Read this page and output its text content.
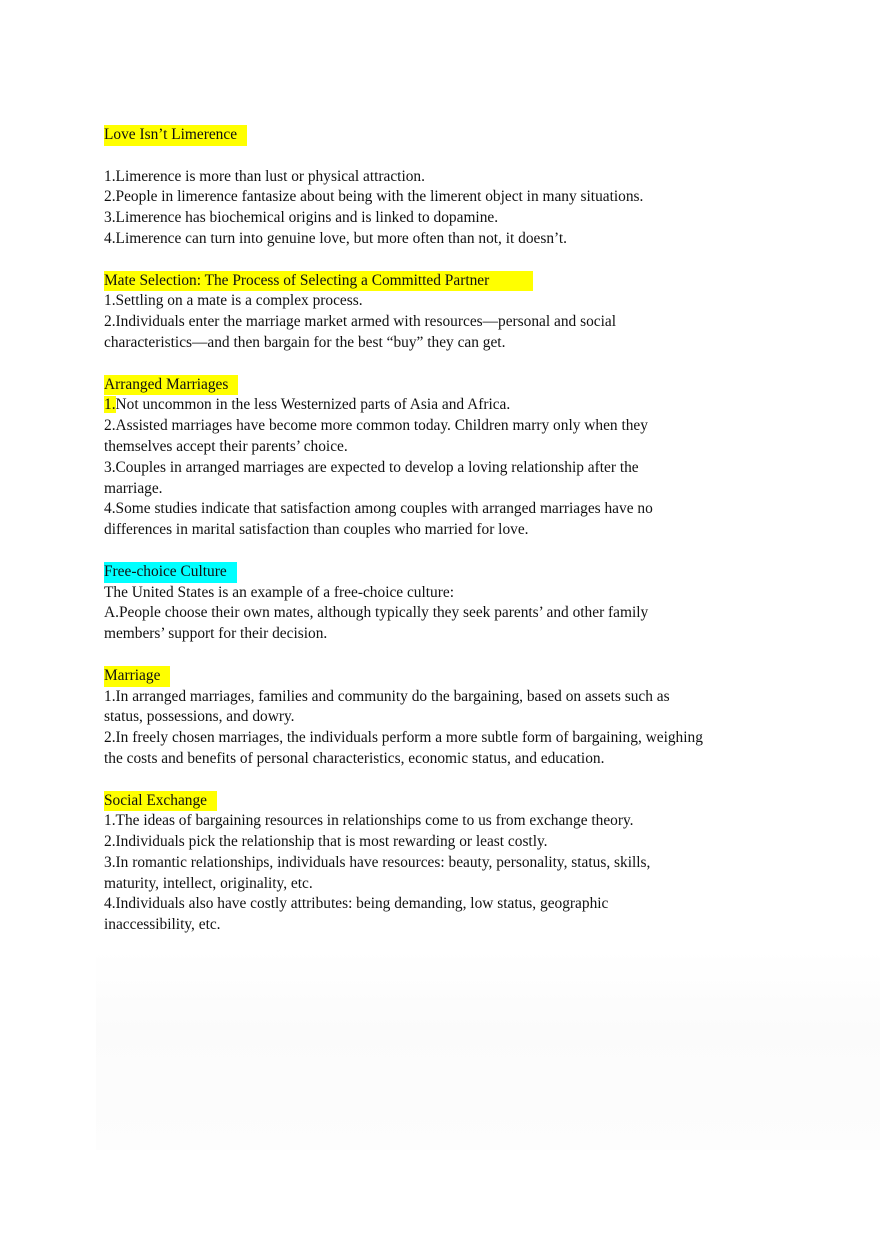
Love Isn’t Limerence
1.Limerence is more than lust or physical attraction.
2.People in limerence fantasize about being with the limerent object in many situations.
3.Limerence has biochemical origins and is linked to dopamine.
4.Limerence can turn into genuine love, but more often than not, it doesn’t.
Mate Selection: The Process of Selecting a Committed Partner
1.Settling on a mate is a complex process.
2.Individuals enter the marriage market armed with resources—personal and social
characteristics—and then bargain for the best “buy” they can get.
Arranged Marriages
1.Not uncommon in the less Westernized parts of Asia and Africa.
2.Assisted marriages have become more common today. Children marry only when they
themselves accept their parents’ choice.
3.Couples in arranged marriages are expected to develop a loving relationship after the
marriage.
4.Some studies indicate that satisfaction among couples with arranged marriages have no
differences in marital satisfaction than couples who married for love.
Free-choice Culture
The United States is an example of a free-choice culture:
A.People choose their own mates, although typically they seek parents’ and other family
members’ support for their decision.
Marriage
1.In arranged marriages, families and community do the bargaining, based on assets such as
status, possessions, and dowry.
2.In freely chosen marriages, the individuals perform a more subtle form of bargaining, weighing
the costs and benefits of personal characteristics, economic status, and education.
Social Exchange
1.The ideas of bargaining resources in relationships come to us from exchange theory.
2.Individuals pick the relationship that is most rewarding or least costly.
3.In romantic relationships, individuals have resources: beauty, personality, status, skills,
maturity, intellect, originality, etc.
4.Individuals also have costly attributes: being demanding, low status, geographic
inaccessibility, etc.
